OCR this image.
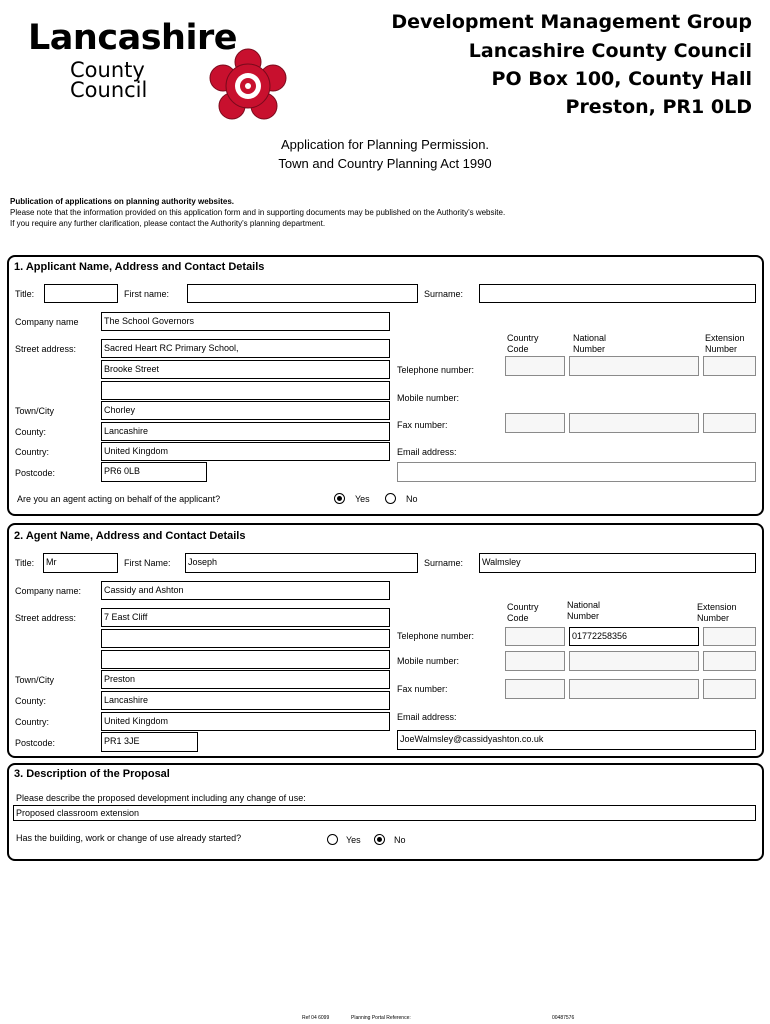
Lancashire
County
Council
Development Management Group
Lancashire County Council
PO Box 100, County Hall
Preston, PR1 0LD
Application for Planning Permission.
Town and Country Planning Act 1990
Publication of applications on planning authority websites.
Please note that the information provided on this application form and in supporting documents may be published on the Authority's website.
If you require any further clarification, please contact the Authority's planning department.
1. Applicant Name, Address and Contact Details
Title:	First name:	Surname:
Company name	The School Governors
Street address:	Sacred Heart RC Primary School,
Brooke Street
Town/City	Chorley
County:	Lancashire
Country:	United Kingdom
Postcode:	PR6 0LB
Country Code
National Number
Extension Number
Telephone number:
Mobile number:
Fax number:
Email address:
Are you an agent acting on behalf of the applicant?	Yes	No
2. Agent Name, Address and Contact Details
Title:	Mr	First Name:	Joseph	Surname:	Walmsley
Company name:	Cassidy and Ashton
Street address:	7 East Cliff
Town/City	Preston
County:	Lancashire
Country:	United Kingdom
Postcode:	PR1 3JE
Country Code
National Number
Extension Number
Telephone number:	01772258356
Mobile number:
Fax number:
Email address:
JoeWalmsley@cassidyashton.co.uk
3. Description of the Proposal
Please describe the proposed development including any change of use:
Proposed classroom extension
Has the building, work or change of use already started?	Yes	No
Ref 04 6099	Planning Portal Reference:	00487576
